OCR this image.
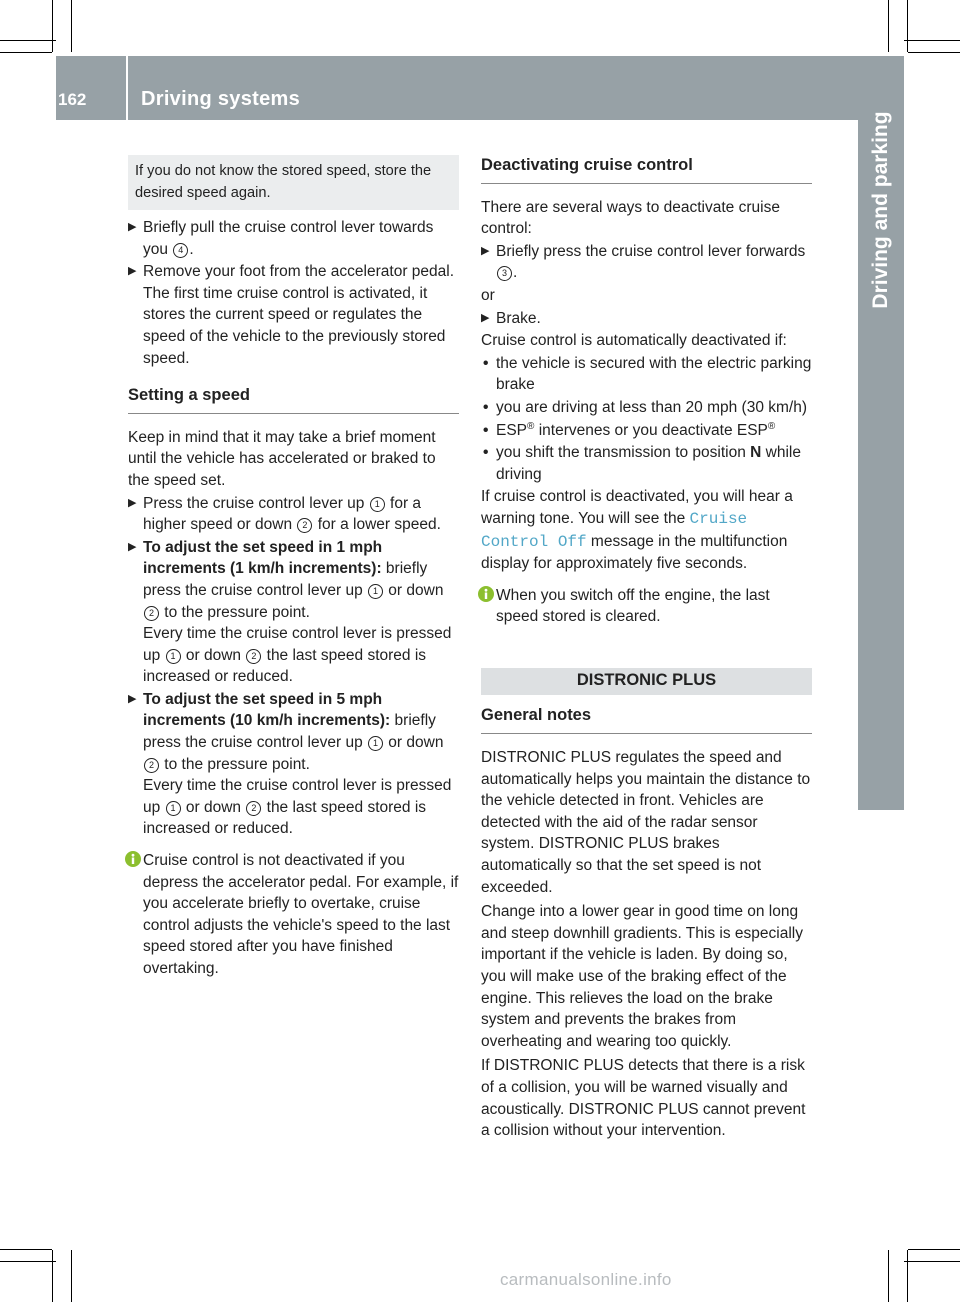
162	Driving systems
Driving and parking

If you do not know the stored speed, store the desired speed again.

▶ Briefly pull the cruise control lever towards you 4 .
▶ Remove your foot from the accelerator pedal.
The first time cruise control is activated, it stores the current speed or regulates the speed of the vehicle to the previously stored speed.
Setting a speed

Keep in mind that it may take a brief moment until the vehicle has accelerated or braked to the speed set.

▶ Press the cruise control lever up 1 for a higher speed or down 2 for a lower speed.
▶ To adjust the set speed in 1 mph increments (1 km/h increments): briefly press the cruise control lever up 1 or down 2 to the pressure point.
Every time the cruise control lever is pressed up 1 or down 2 the last speed stored is increased or reduced.
▶ To adjust the set speed in 5 mph increments (10 km/h increments): briefly press the cruise control lever up 1 or down 2 to the pressure point.
Every time the cruise control lever is pressed up 1 or down 2 the last speed stored is increased or reduced.
Cruise control is not deactivated if you depress the accelerator pedal. For example, if you accelerate briefly to overtake, cruise control adjusts the vehicle's speed to the last speed stored after you have finished overtaking.
Deactivating cruise control

There are several ways to deactivate cruise control:

▶ Briefly press the cruise control lever forwards 3 .

or

▶ Brake.

Cruise control is automatically deactivated if:

• the vehicle is secured with the electric parking brake
• you are driving at less than 20 mph (30 km/h)
• ESP® intervenes or you deactivate ESP®
• you shift the transmission to position N while driving

If cruise control is deactivated, you will hear a warning tone. You will see the Cruise Control Off message in the multifunction display for approximately five seconds.

When you switch off the engine, the last speed stored is cleared.
DISTRONIC PLUS
General notes

DISTRONIC PLUS regulates the speed and automatically helps you maintain the distance to the vehicle detected in front. Vehicles are detected with the aid of the radar sensor system. DISTRONIC PLUS brakes automatically so that the set speed is not exceeded.

Change into a lower gear in good time on long and steep downhill gradients. This is especially important if the vehicle is laden. By doing so, you will make use of the braking effect of the engine. This relieves the load on the brake system and prevents the brakes from overheating and wearing too quickly.

If DISTRONIC PLUS detects that there is a risk of a collision, you will be warned visually and acoustically. DISTRONIC PLUS cannot prevent a collision without your intervention.

carmanualsonline.info
